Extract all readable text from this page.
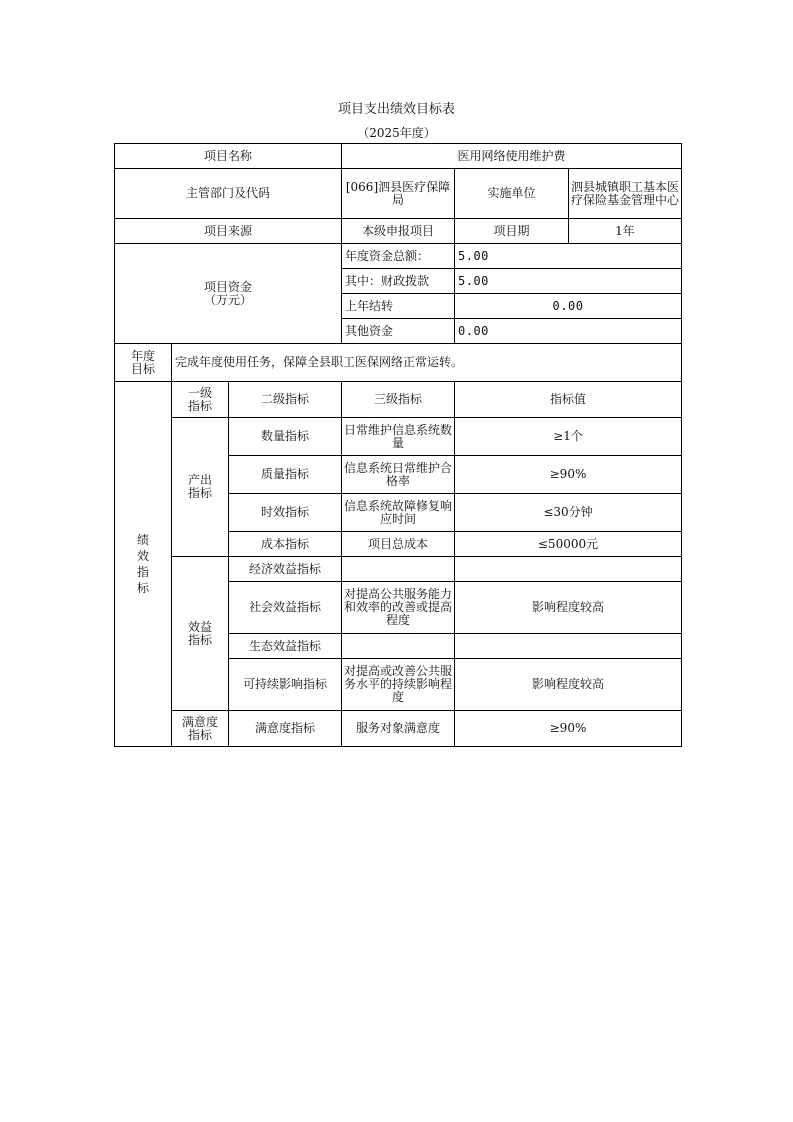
项目支出绩效目标表
（2025年度）
项目名称			医用网络使用维护费		
主管部门及代码			[066]泗县医疗保障局	实施单位	泗县城镇职工基本医疗保险基金管理中心
项目来源			本级申报项目	项目期	1年
项目资金
（万元）			年度资金总额：	5.00	
			其中：财政拨款	5.00	
			上年结转	0.00	
			其他资金	0.00	
年度
目标	完成年度使用任务，保障全县职工医保网络正常运转。				
绩效指标	一级指标	二级指标	三级指标	指标值	
	产出指标	数量指标	日常维护信息系统数量	≥1个	
		质量指标	信息系统日常维护合格率	≥90%	
		时效指标	信息系统故障修复响应时间	≤30分钟	
		成本指标	项目总成本	≤50000元	
	效益指标	经济效益指标			
		社会效益指标	对提高公共服务能力和效率的改善或提高程度	影响程度较高	
		生态效益指标			
		可持续影响指标	对提高或改善公共服务水平的持续影响程度	影响程度较高	
	满意度指标	满意度指标	服务对象满意度	≥90%	
